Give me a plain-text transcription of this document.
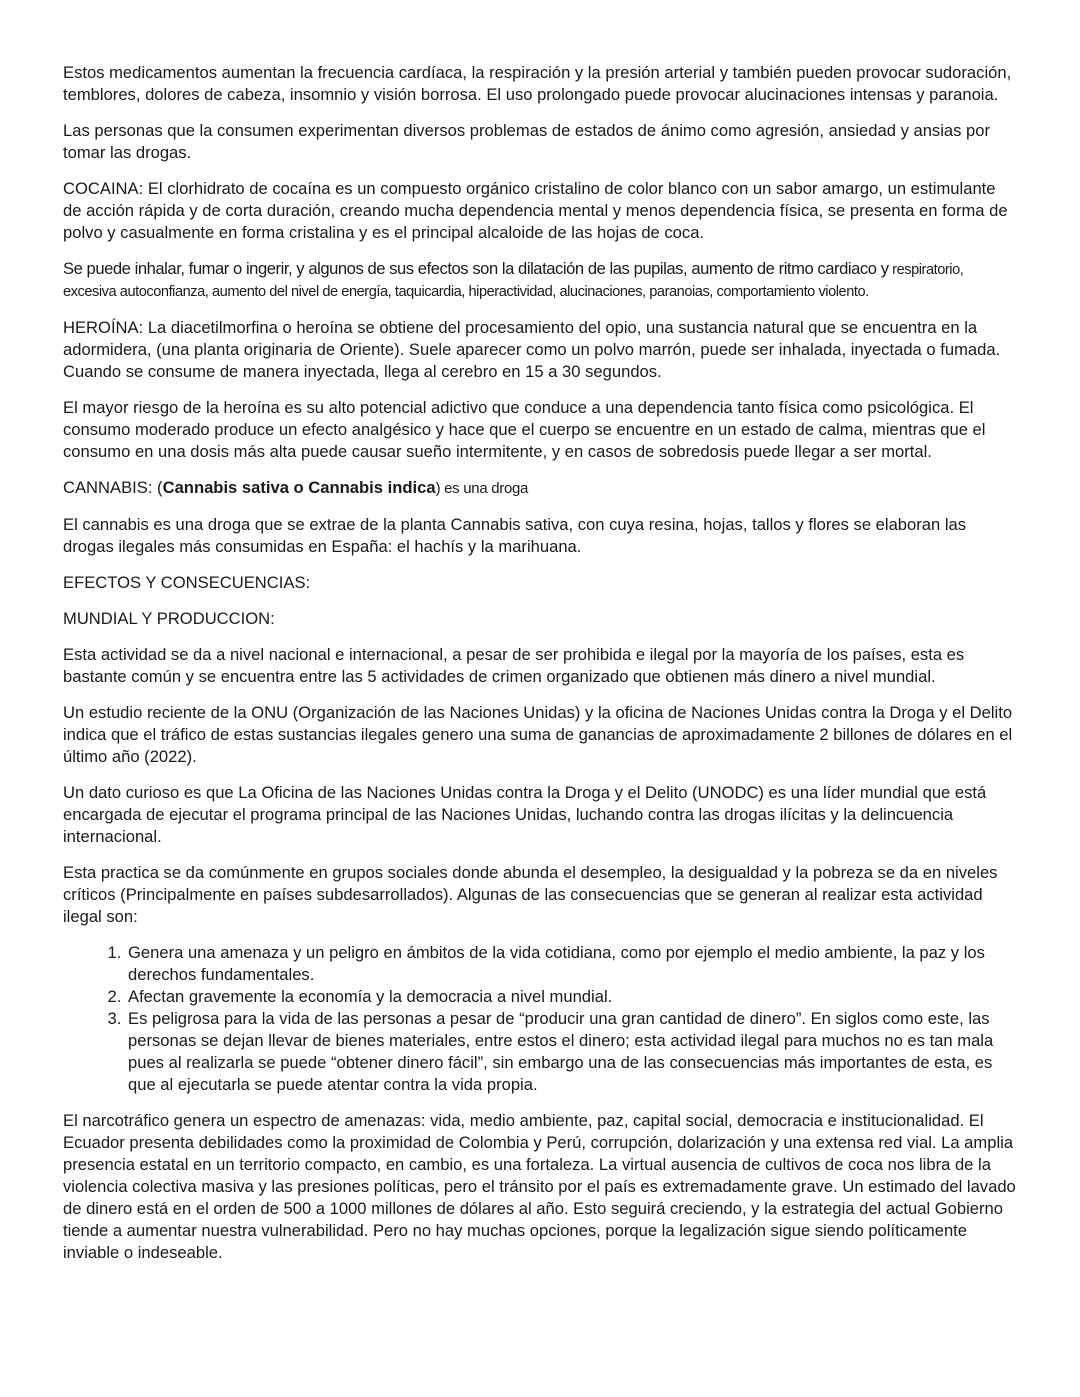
Estos medicamentos aumentan la frecuencia cardíaca, la respiración y la presión arterial y también pueden provocar sudoración, temblores, dolores de cabeza, insomnio y visión borrosa. El uso prolongado puede provocar alucinaciones intensas y paranoia.

Las personas que la consumen experimentan diversos problemas de estados de ánimo como agresión, ansiedad y ansias por tomar las drogas.

COCAINA: El clorhidrato de cocaína es un compuesto orgánico cristalino de color blanco con un sabor amargo, un estimulante de acción rápida y de corta duración, creando mucha dependencia mental y menos dependencia física, se presenta en forma de polvo y casualmente en forma cristalina y es el principal alcaloide de las hojas de coca.

Se puede inhalar, fumar o ingerir, y algunos de sus efectos son la dilatación de las pupilas, aumento de ritmo cardiaco y respiratorio, excesiva autoconfianza, aumento del nivel de energía, taquicardia, hiperactividad, alucinaciones, paranoias, comportamiento violento.

HEROÍNA: La diacetilmorfina o heroína se obtiene del procesamiento del opio, una sustancia natural que se encuentra en la adormidera, (una planta originaria de Oriente). Suele aparecer como un polvo marrón, puede ser inhalada, inyectada o fumada. Cuando se consume de manera inyectada, llega al cerebro en 15 a 30 segundos.

El mayor riesgo de la heroína es su alto potencial adictivo que conduce a una dependencia tanto física como psicológica. El consumo moderado produce un efecto analgésico y hace que el cuerpo se encuentre en un estado de calma, mientras que el consumo en una dosis más alta puede causar sueño intermitente, y en casos de sobredosis puede llegar a ser mortal.

CANNABIS: (Cannabis sativa o Cannabis indica) es una droga

El cannabis es una droga que se extrae de la planta Cannabis sativa, con cuya resina, hojas, tallos y flores se elaboran las drogas ilegales más consumidas en España: el hachís y la marihuana.

EFECTOS Y CONSECUENCIAS:

MUNDIAL Y PRODUCCION:

Esta actividad se da a nivel nacional e internacional, a pesar de ser prohibida e ilegal por la mayoría de los países, esta es bastante común y se encuentra entre las 5 actividades de crimen organizado que obtienen más dinero a nivel mundial.

Un estudio reciente de la ONU (Organización de las Naciones Unidas) y la oficina de Naciones Unidas contra la Droga y el Delito indica que el tráfico de estas sustancias ilegales genero una suma de ganancias de aproximadamente 2 billones de dólares en el último año (2022).

Un dato curioso es que La Oficina de las Naciones Unidas contra la Droga y el Delito (UNODC) es una líder mundial que está encargada de ejecutar el programa principal de las Naciones Unidas, luchando contra las drogas ilícitas y la delincuencia internacional.

Esta practica se da comúnmente en grupos sociales donde abunda el desempleo, la desigualdad y la pobreza se da en niveles críticos (Principalmente en países subdesarrollados). Algunas de las consecuencias que se generan al realizar esta actividad ilegal son:

1. Genera una amenaza y un peligro en ámbitos de la vida cotidiana, como por ejemplo el medio ambiente, la paz y los derechos fundamentales.
2. Afectan gravemente la economía y la democracia a nivel mundial.
3. Es peligrosa para la vida de las personas a pesar de “producir una gran cantidad de dinero”. En siglos como este, las personas se dejan llevar de bienes materiales, entre estos el dinero; esta actividad ilegal para muchos no es tan mala pues al realizarla se puede “obtener dinero fácil”, sin embargo una de las consecuencias más importantes de esta, es que al ejecutarla se puede atentar contra la vida propia.

El narcotráfico genera un espectro de amenazas: vida, medio ambiente, paz, capital social, democracia e institucionalidad. El Ecuador presenta debilidades como la proximidad de Colombia y Perú, corrupción, dolarización y una extensa red vial. La amplia presencia estatal en un territorio compacto, en cambio, es una fortaleza. La virtual ausencia de cultivos de coca nos libra de la violencia colectiva masiva y las presiones políticas, pero el tránsito por el país es extremadamente grave. Un estimado del lavado de dinero está en el orden de 500 a 1000 millones de dólares al año. Esto seguirá creciendo, y la estrategia del actual Gobierno tiende a aumentar nuestra vulnerabilidad. Pero no hay muchas opciones, porque la legalización sigue siendo políticamente inviable o indeseable.
